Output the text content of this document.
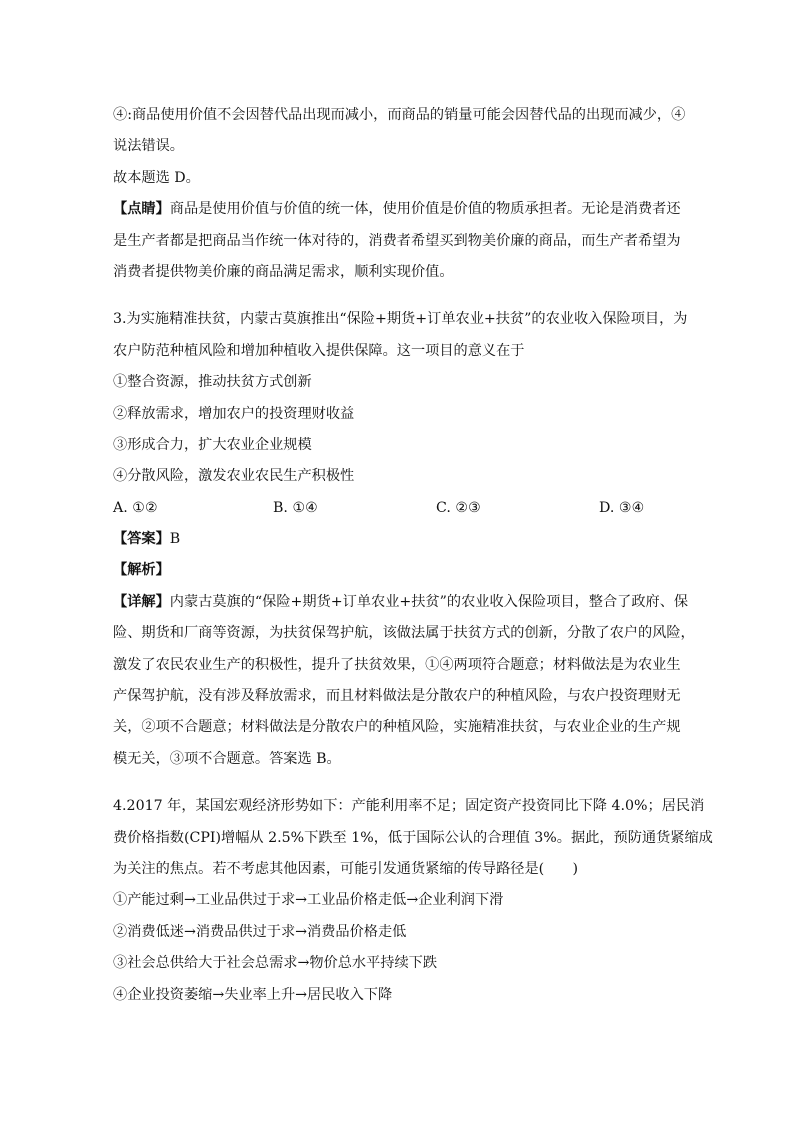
④:商品使用价值不会因替代品出现而减小，而商品的销量可能会因替代品的出现而减少，④
说法错误。
故本题选 D。
【点睛】商品是使用价值与价值的统一体，使用价值是价值的物质承担者。无论是消费者还
是生产者都是把商品当作统一体对待的，消费者希望买到物美价廉的商品，而生产者希望为
消费者提供物美价廉的商品满足需求，顺利实现价值。
3.为实施精准扶贫，内蒙古莫旗推出“保险+期货+订单农业+扶贫”的农业收入保险项目，为
农户防范种植风险和增加种植收入提供保障。这一项目的意义在于
①整合资源，推动扶贫方式创新
②释放需求，增加农户的投资理财收益
③形成合力，扩大农业企业规模
④分散风险，激发农业农民生产积极性
A. ①②	B. ①④	C. ②③	D. ③④
【答案】B
【解析】
【详解】内蒙古莫旗的“保险+期货+订单农业+扶贫”的农业收入保险项目，整合了政府、保
险、期货和厂商等资源，为扶贫保驾护航，该做法属于扶贫方式的创新，分散了农户的风险，
激发了农民农业生产的积极性，提升了扶贫效果，①④两项符合题意；材料做法是为农业生
产保驾护航，没有涉及释放需求，而且材料做法是分散农户的种植风险，与农户投资理财无
关，②项不合题意；材料做法是分散农户的种植风险，实施精准扶贫，与农业企业的生产规
模无关，③项不合题意。答案选 B。
4.2017 年，某国宏观经济形势如下：产能利用率不足；固定资产投资同比下降 4.0%；居民消
费价格指数(CPI)增幅从 2.5%下跌至 1%，低于国际公认的合理值 3%。据此，预防通货紧缩成
为关注的焦点。若不考虑其他因素，可能引发通货紧缩的传导路径是(　　)
①产能过剩→工业品供过于求→工业品价格走低→企业利润下滑
②消费低迷→消费品供过于求→消费品价格走低
③社会总供给大于社会总需求→物价总水平持续下跌
④企业投资萎缩→失业率上升→居民收入下降
